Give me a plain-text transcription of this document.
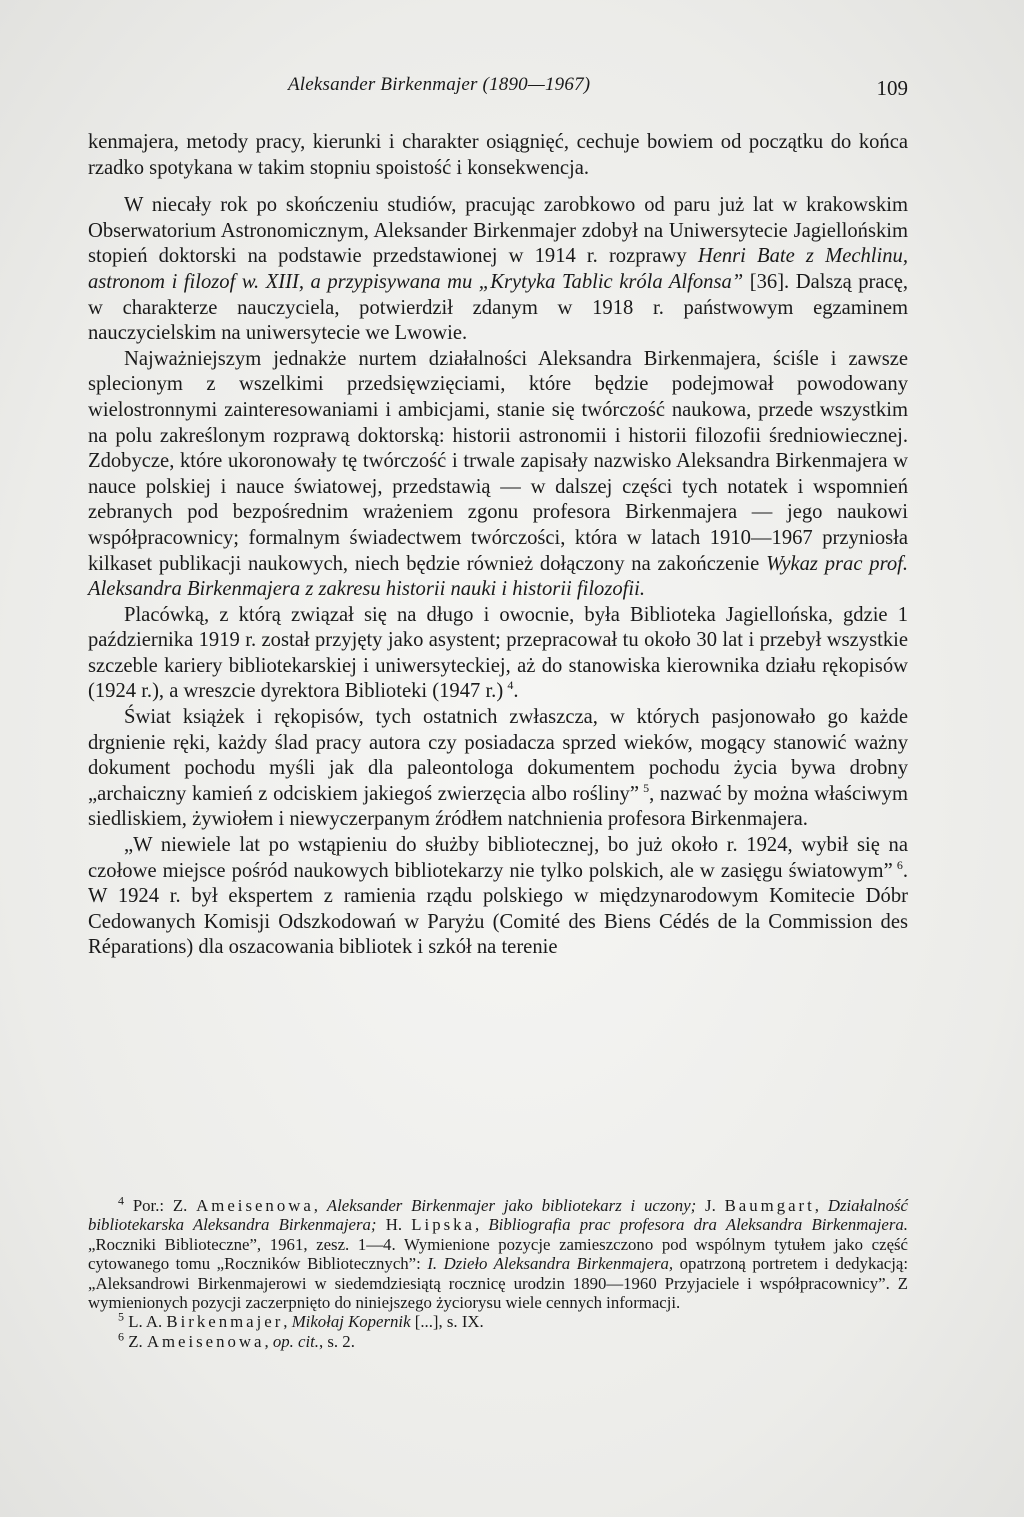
Aleksander Birkenmajer (1890—1967)	109

kenmajera, metody pracy, kierunki i charakter osiągnięć, cechuje bowiem od początku do końca rzadko spotykana w takim stopniu spoistość i konsekwencja.

W niecały rok po skończeniu studiów, pracując zarobkowo od paru już lat w krakowskim Obserwatorium Astronomicznym, Aleksander Birkenmajer zdobył na Uniwersytecie Jagiellońskim stopień doktorski na podstawie przedstawionej w 1914 r. rozprawy Henri Bate z Mechlinu, astronom i filozof w. XIII, a przypisywana mu „Krytyka Tablic króla Alfonsa” [36]. Dalszą pracę, w charakterze nauczyciela, potwierdził zdanym w 1918 r. państwowym egzaminem nauczycielskim na uniwersytecie we Lwowie.

Najważniejszym jednakże nurtem działalności Aleksandra Birkenmajera, ściśle i zawsze splecionym z wszelkimi przedsięwzięciami, które będzie podejmował powodowany wielostronnymi zainteresowaniami i ambicjami, stanie się twórczość naukowa, przede wszystkim na polu zakreślonym rozprawą doktorską: historii astronomii i historii filozofii średniowiecznej. Zdobycze, które ukoronowały tę twórczość i trwale zapisały nazwisko Aleksandra Birkenmajera w nauce polskiej i nauce światowej, przedstawią — w dalszej części tych notatek i wspomnień zebranych pod bezpośrednim wrażeniem zgonu profesora Birkenmajera — jego naukowi współpracownicy; formalnym świadectwem twórczości, która w latach 1910—1967 przyniosła kilkaset publikacji naukowych, niech będzie również dołączony na zakończenie Wykaz prac prof. Aleksandra Birkenmajera z zakresu historii nauki i historii filozofii.

Placówką, z którą związał się na długo i owocnie, była Biblioteka Jagiellońska, gdzie 1 października 1919 r. został przyjęty jako asystent; przepracował tu około 30 lat i przebył wszystkie szczeble kariery bibliotekarskiej i uniwersyteckiej, aż do stanowiska kierownika działu rękopisów (1924 r.), a wreszcie dyrektora Biblioteki (1947 r.)  $^4$.

Świat książek i rękopisów, tych ostatnich zwłaszcza, w których pasjonowało go każde drgnienie ręki, każdy ślad pracy autora czy posiadacza sprzed wieków, mogący stanowić ważny dokument pochodu myśli jak dla paleontologa dokumentem pochodu życia bywa drobny „archaiczny kamień z odciskiem jakiegoś zwierzęcia albo rośliny”  $^5$, nazwać by można właściwym siedliskiem, żywiołem i niewyczerpanym źródłem natchnienia profesora Birkenmajera.

„W niewiele lat po wstąpieniu do służby bibliotecznej, bo już około r. 1924, wybił się na czołowe miejsce pośród naukowych bibliotekarzy nie tylko polskich, ale w zasięgu światowym”  $^6$. W 1924 r. był ekspertem z ramienia rządu polskiego w międzynarodowym Komitecie Dóbr Cedowanych Komisji Odszkodowań w Paryżu (Comité des Biens Cédés de la Commission des Réparations) dla oszacowania bibliotek i szkół na terenie

$^4$ Por.: Z. Ameisenowa, Aleksander Birkenmajer jako bibliotekarz i uczony; J. Baumgart, Działalność bibliotekarska Aleksandra Birkenmajera; H. Lipska, Bibliografia prac profesora dra Aleksandra Birkenmajera. „Roczniki Biblioteczne”, 1961, zesz. 1—4. Wymienione pozycje zamieszczono pod wspólnym tytułem jako część cytowanego tomu „Roczników Bibliotecznych”: I. Dzieło Aleksandra Birkenmajera, opatrzoną portretem i dedykacją: „Aleksandrowi Birkenmajerowi w siedemdziesiątą rocznicę urodzin 1890—1960 Przyjaciele i współpracownicy”. Z wymienionych pozycji zaczerpnięto do niniejszego życiorysu wiele cennych informacji.

$^5$ L. A. Birkenmajer, Mikołaj Kopernik [...], s. IX.

$^6$ Z. Ameisenowa, op. cit., s. 2.
